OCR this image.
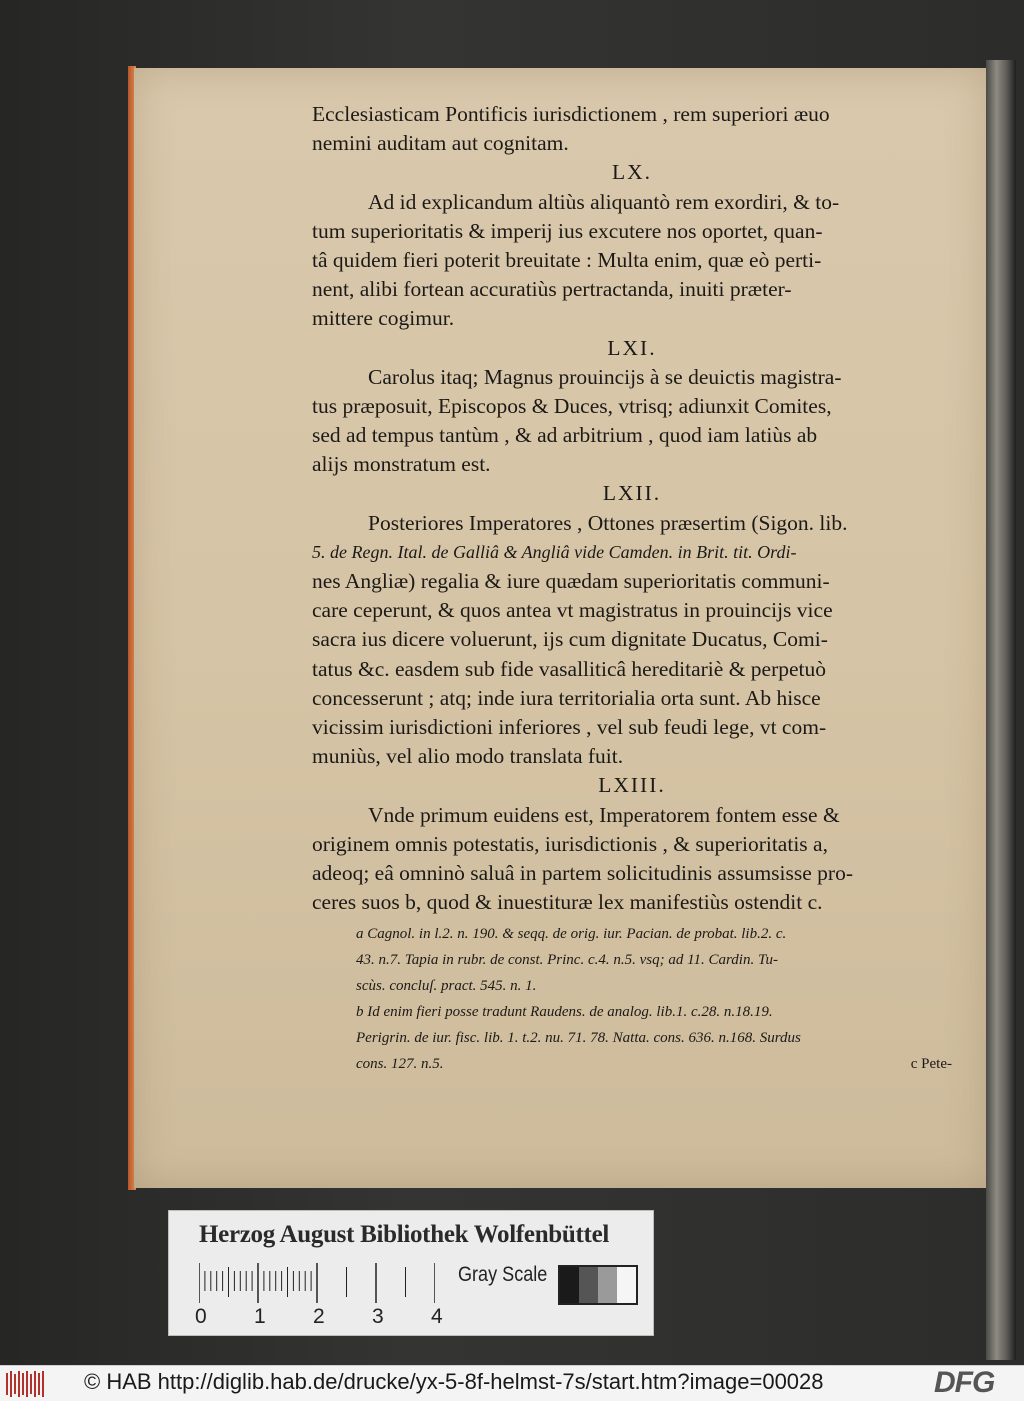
Ecclesiasticam Pontificis iurisdictionem , rem superiori æuo
nemini auditam aut cognitam.
LX.
Ad id explicandum altiùs aliquantò rem exordiri, & to-
tum superioritatis & imperij ius excutere nos oportet, quan-
tâ quidem fieri poterit breuitate : Multa enim, quæ eò perti-
nent, alibi fortean accuratiùs pertractanda, inuiti præter-
mittere cogimur.
LXI.
Carolus itaq; Magnus prouincijs à se deuictis magistra-
tus præposuit, Episcopos & Duces, vtrisq; adiunxit Comites,
sed ad tempus tantùm , & ad arbitrium , quod iam latiùs ab
alijs monstratum est.
LXII.
Posteriores Imperatores , Ottones præsertim (Sigon. lib.
5. de Regn. Ital. de Galliâ & Angliâ vide Camden. in Brit. tit. Ordi-
nes Angliæ) regalia & iure quædam superioritatis communi-
care ceperunt, & quos antea vt magistratus in prouincijs vice
sacra ius dicere voluerunt, ijs cum dignitate Ducatus, Comi-
tatus &c. easdem sub fide vasalliticâ hereditariè & perpetuò
concesserunt ; atq; inde iura territorialia orta sunt. Ab hisce
vicissim iurisdictioni inferiores , vel sub feudi lege, vt com-
muniùs, vel alio modo translata fuit.
LXIII.
Vnde primum euidens est, Imperatorem fontem esse &
originem omnis potestatis, iurisdictionis , & superioritatis a,
adeoq; eâ omninò saluâ in partem solicitudinis assumsisse pro-
ceres suos b, quod & inuestituræ lex manifestiùs ostendit c.
a Cagnol. in l.2. n. 190. & seqq. de orig. iur. Pacian. de probat. lib.2. c.
43. n.7. Tapia in rubr. de const. Princ. c.4. n.5. vsq; ad 11. Cardin. Tu-
scùs. concluſ. pract. 545. n. 1.
b Id enim fieri posse tradunt Raudens. de analog. lib.1. c.28. n.18.19.
Perigrin. de iur. fisc. lib. 1. t.2. nu. 71. 78. Natta. cons. 636. n.168. Surdus
cons. 127. n.5.	c Pete-
Herzog August Bibliothek Wolfenbüttel
Gray Scale
0 1 2 3 4
© HAB http://diglib.hab.de/drucke/yx-5-8f-helmst-7s/start.htm?image=00028	DFG
